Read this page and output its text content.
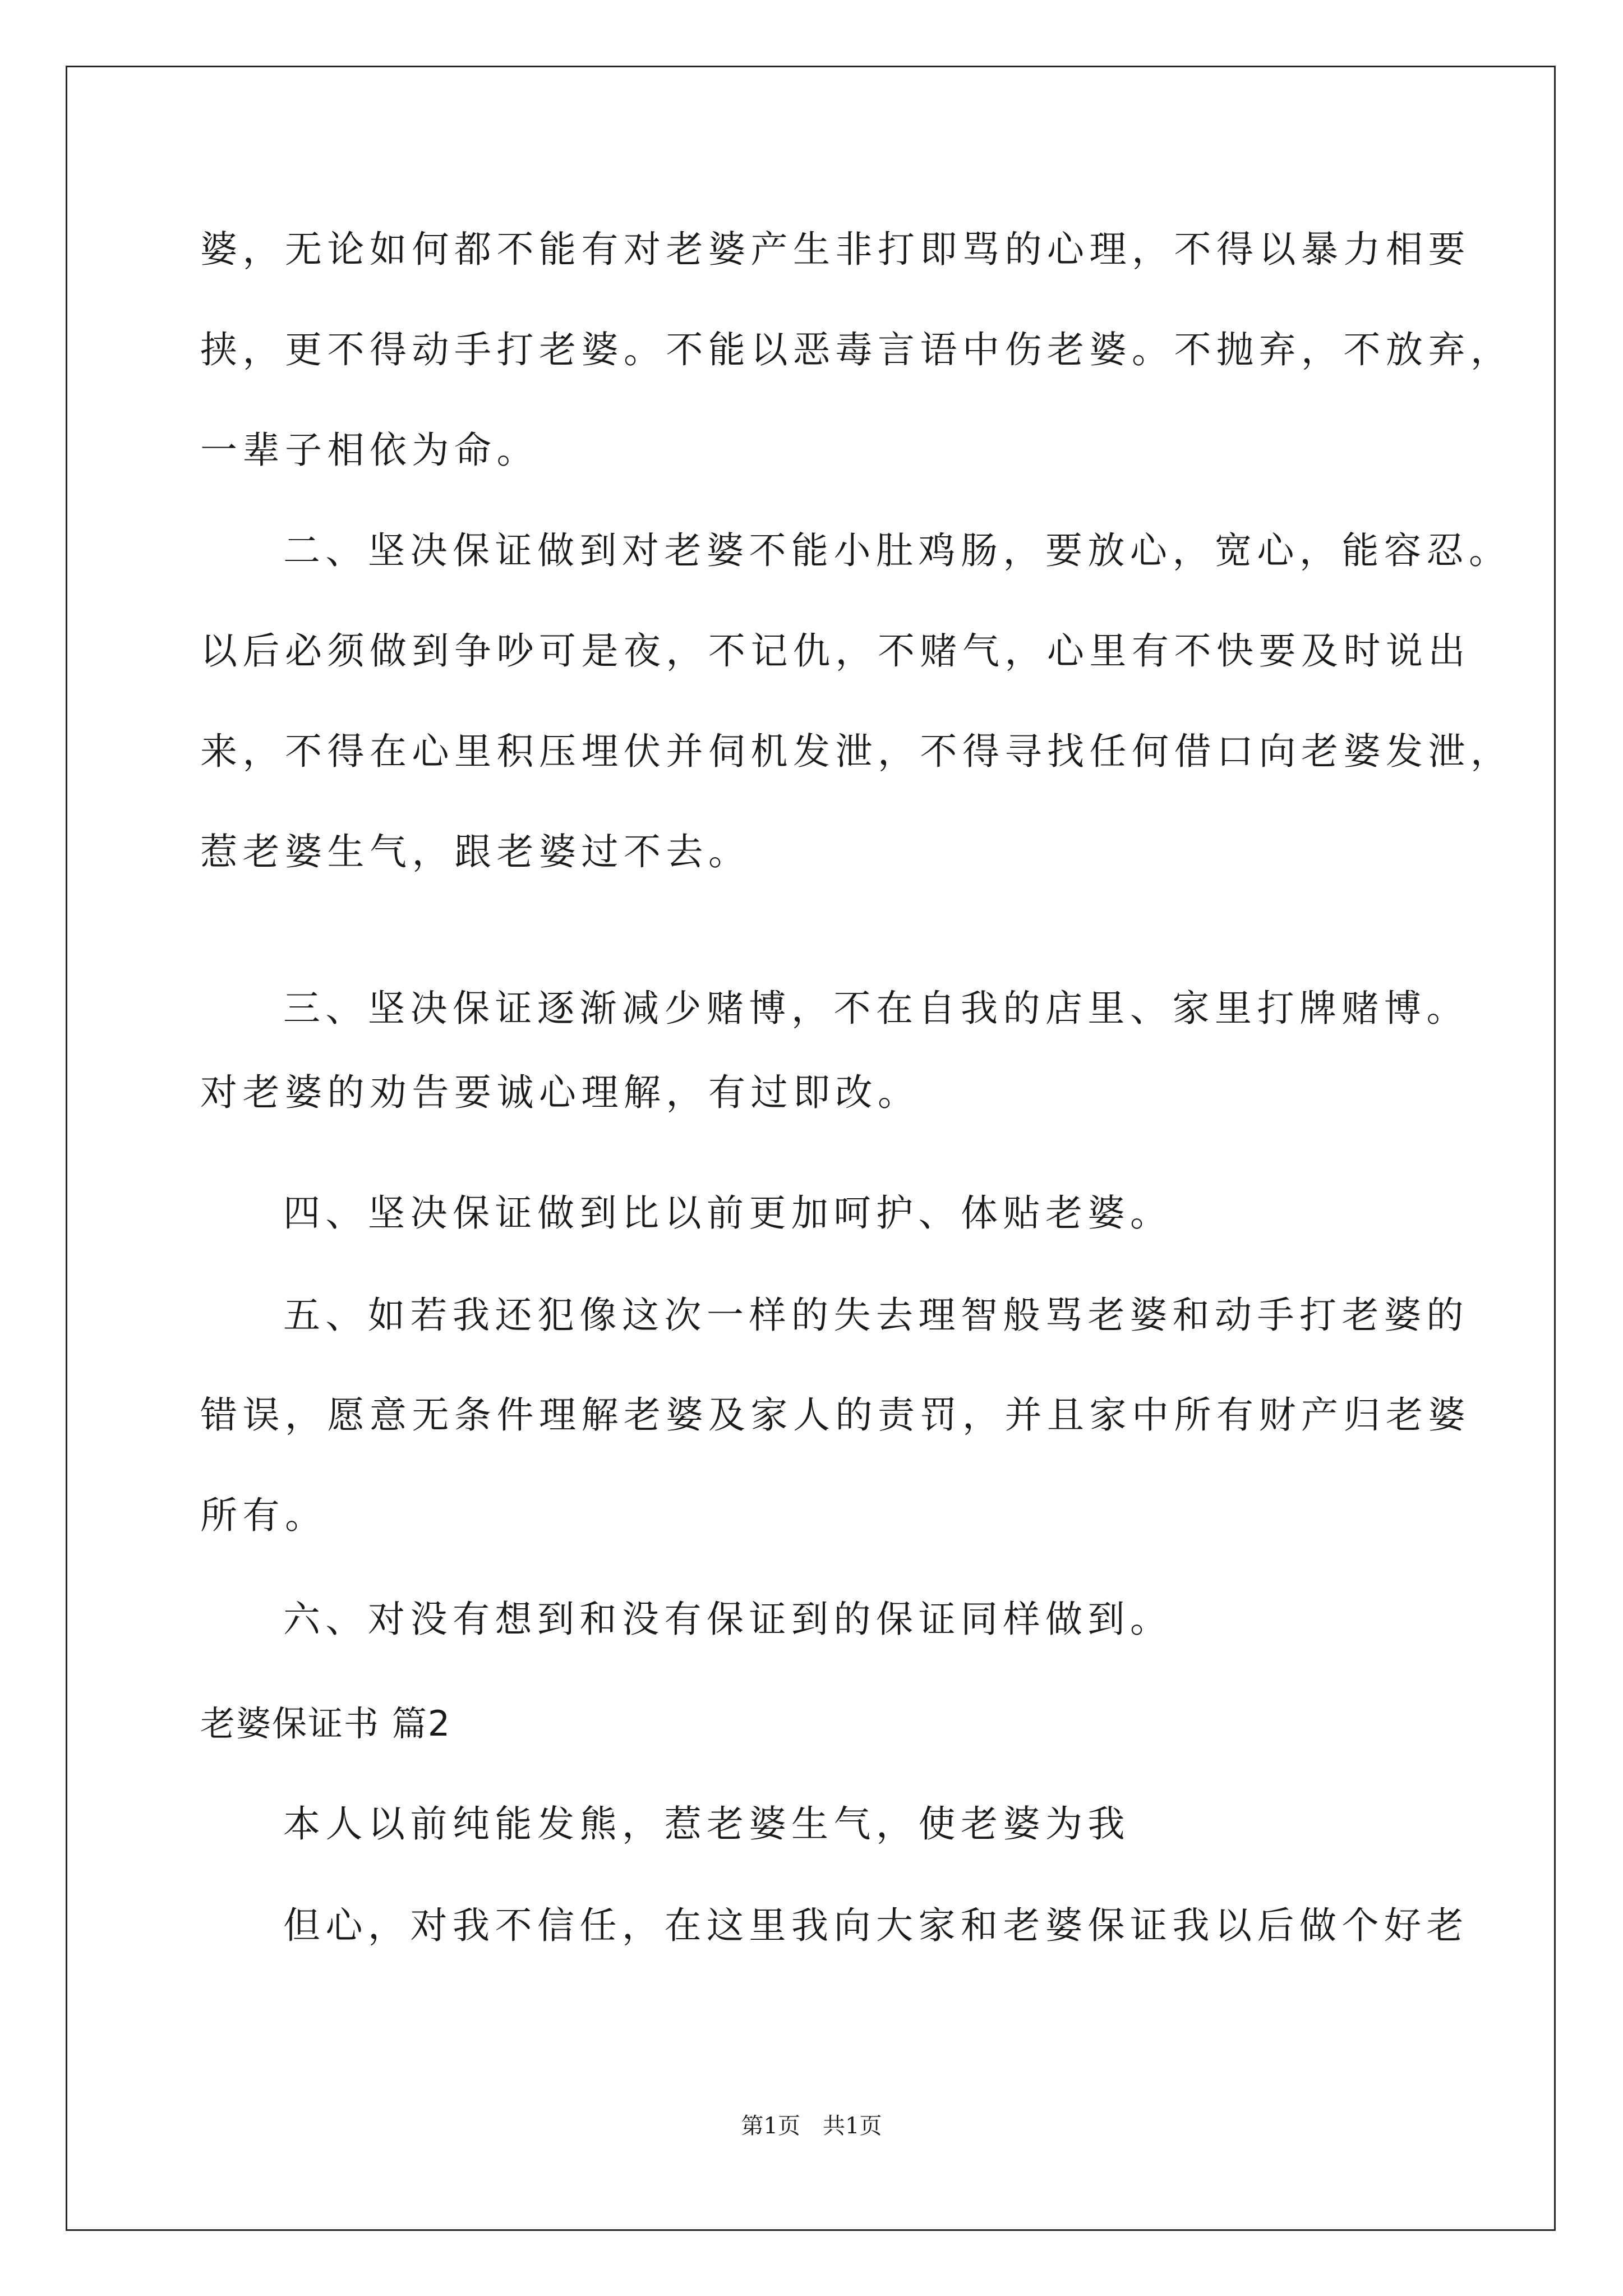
婆，无论如何都不能有对老婆产生非打即骂的心理，不得以暴力相要

挟，更不得动手打老婆。不能以恶毒言语中伤老婆。不抛弃，不放弃，

一辈子相依为命。

二、坚决保证做到对老婆不能小肚鸡肠，要放心，宽心，能容忍。

以后必须做到争吵可是夜，不记仇，不赌气，心里有不快要及时说出

来，不得在心里积压埋伏并伺机发泄，不得寻找任何借口向老婆发泄，

惹老婆生气，跟老婆过不去。

三、坚决保证逐渐减少赌博，不在自我的店里、家里打牌赌博。

对老婆的劝告要诚心理解，有过即改。

四、坚决保证做到比以前更加呵护、体贴老婆。

五、如若我还犯像这次一样的失去理智般骂老婆和动手打老婆的

错误，愿意无条件理解老婆及家人的责罚，并且家中所有财产归老婆

所有。

六、对没有想到和没有保证到的保证同样做到。

老婆保证书 篇2

本人以前纯能发熊，惹老婆生气，使老婆为我

但心，对我不信任，在这里我向大家和老婆保证我以后做个好老

第1页　共1页
